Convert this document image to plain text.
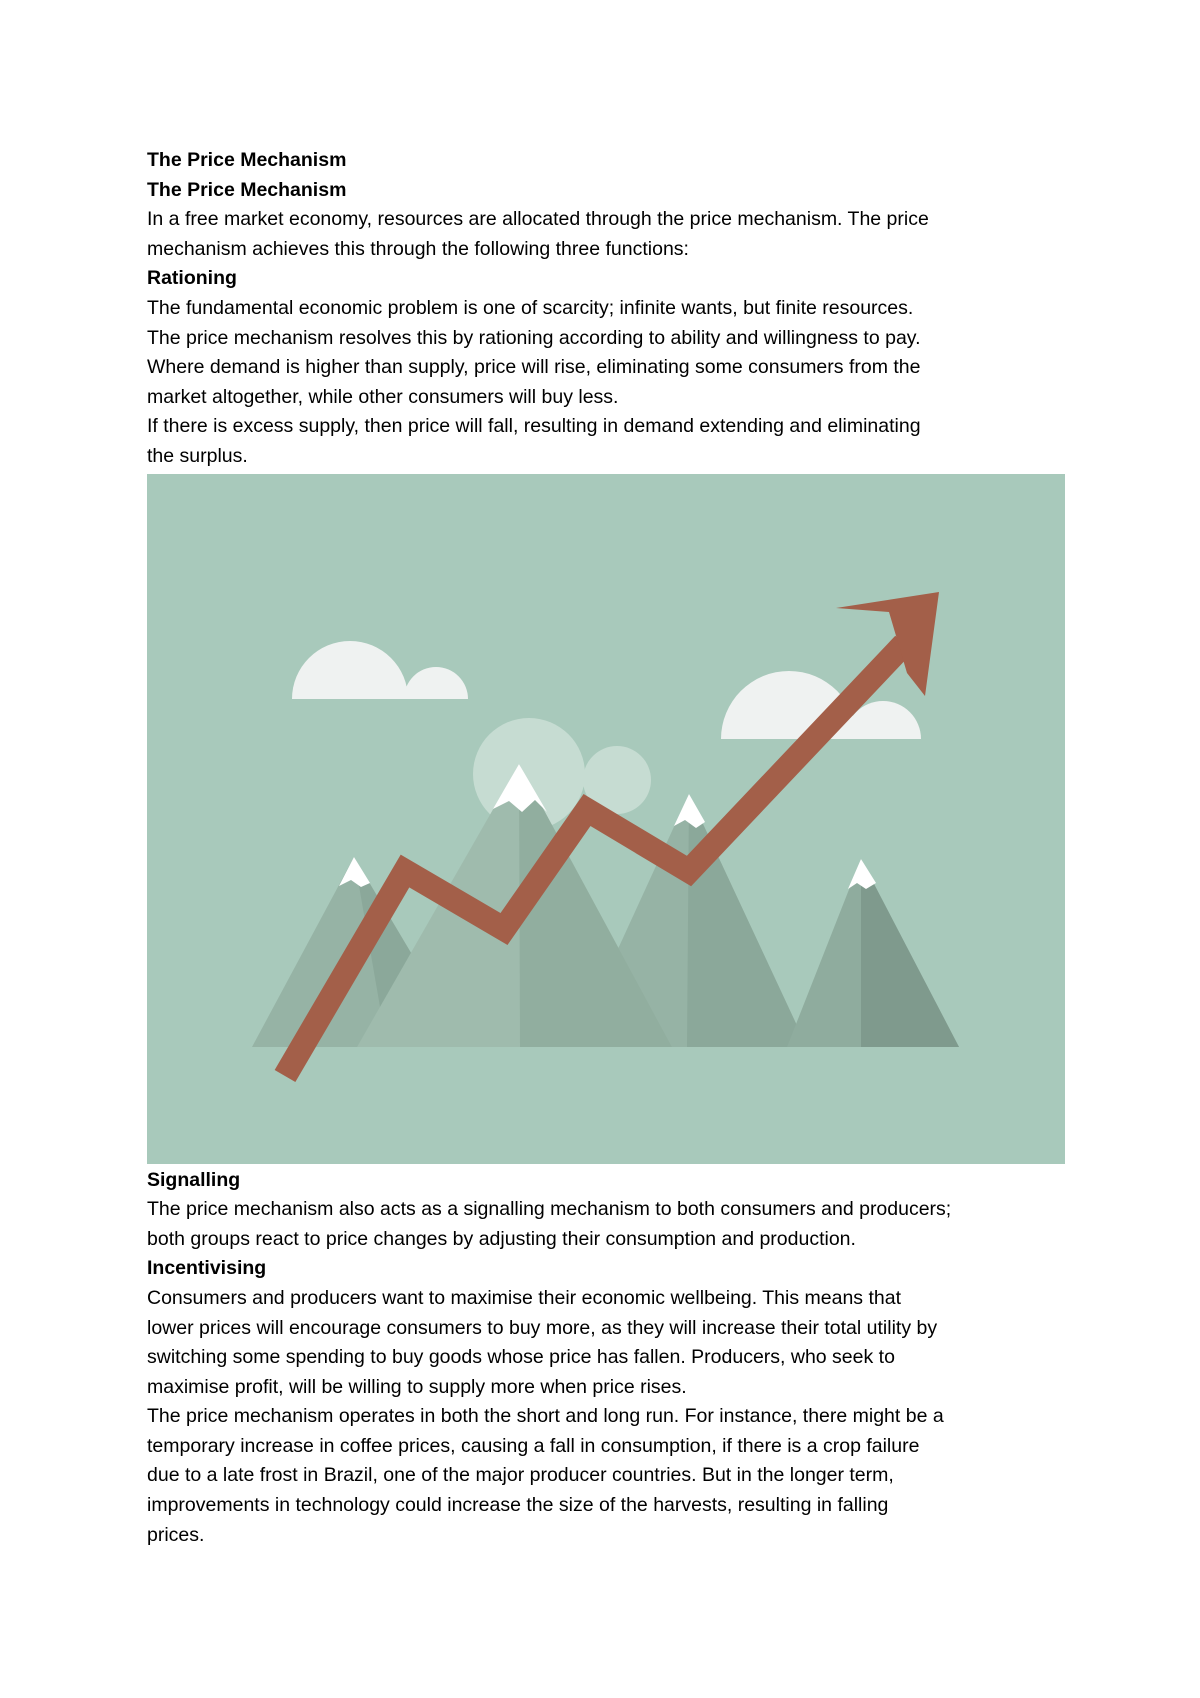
The Price Mechanism
The Price Mechanism
In a free market economy, resources are allocated through the price mechanism. The price
mechanism achieves this through the following three functions:
Rationing
The fundamental economic problem is one of scarcity; infinite wants, but finite resources.
The price mechanism resolves this by rationing according to ability and willingness to pay.
Where demand is higher than supply, price will rise, eliminating some consumers from the
market altogether, while other consumers will buy less.
If there is excess supply, then price will fall, resulting in demand extending and eliminating
the surplus.
Signalling
The price mechanism also acts as a signalling mechanism to both consumers and producers;
both groups react to price changes by adjusting their consumption and production.
Incentivising
Consumers and producers want to maximise their economic wellbeing. This means that
lower prices will encourage consumers to buy more, as they will increase their total utility by
switching some spending to buy goods whose price has fallen. Producers, who seek to
maximise profit, will be willing to supply more when price rises.
The price mechanism operates in both the short and long run. For instance, there might be a
temporary increase in coffee prices, causing a fall in consumption, if there is a crop failure
due to a late frost in Brazil, one of the major producer countries. But in the longer term,
improvements in technology could increase the size of the harvests, resulting in falling
prices.
